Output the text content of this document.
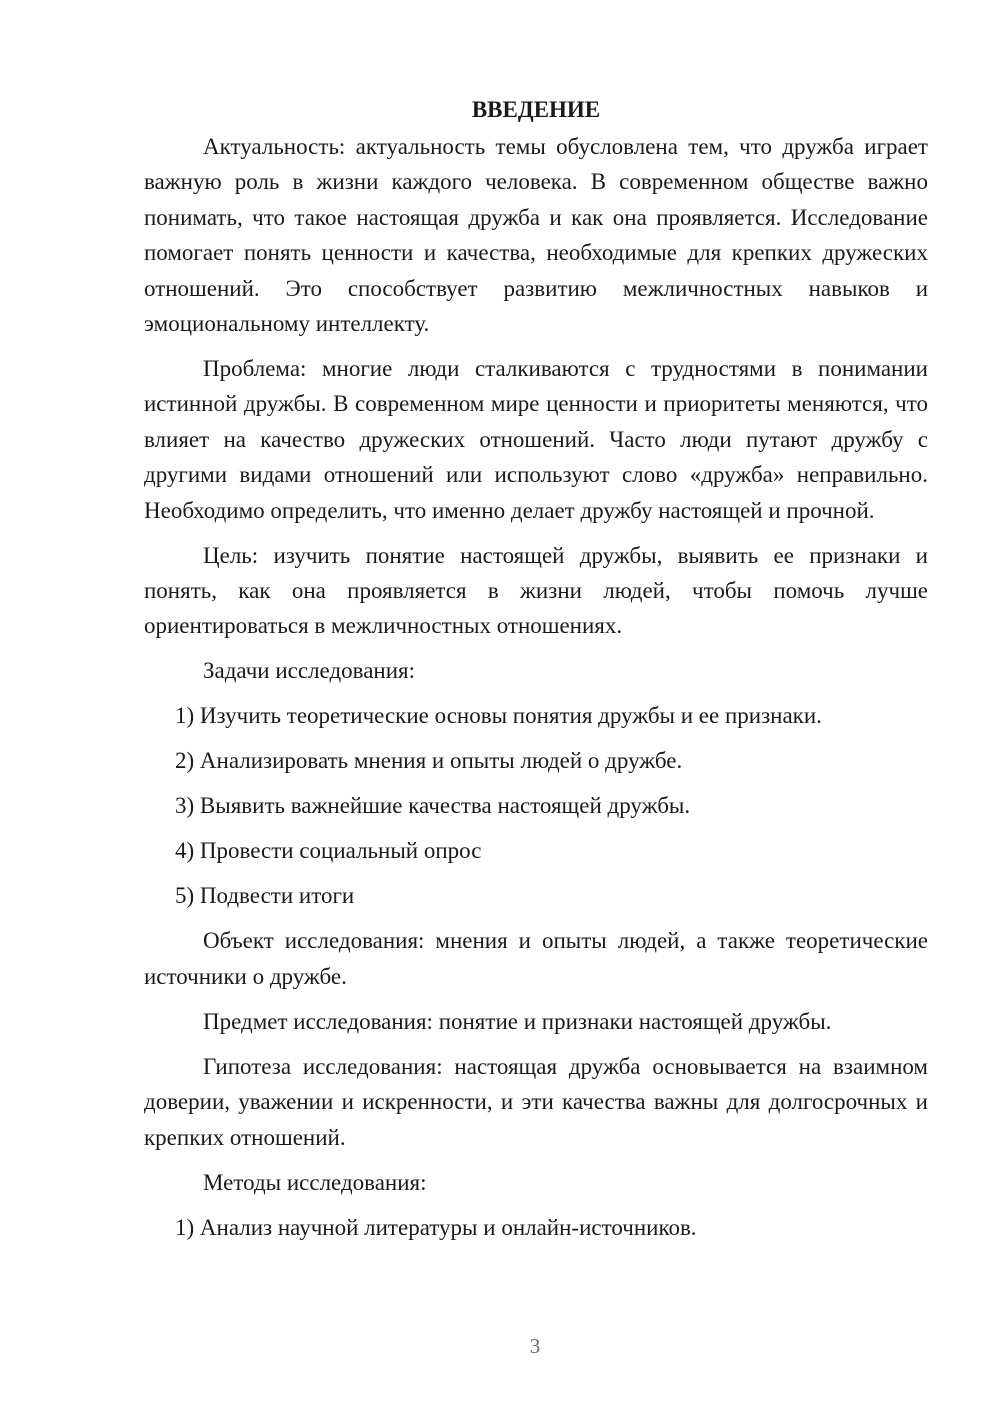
ВВЕДЕНИЕ

Актуальность: актуальность темы обусловлена тем, что дружба играет важную роль в жизни каждого человека. В современном обществе важно понимать, что такое настоящая дружба и как она проявляется. Исследование помогает понять ценности и качества, необходимые для крепких дружеских отношений. Это способствует развитию межличностных навыков и эмоциональному интеллекту.

Проблема: многие люди сталкиваются с трудностями в понимании истинной дружбы. В современном мире ценности и приоритеты меняются, что влияет на качество дружеских отношений. Часто люди путают дружбу с другими видами отношений или используют слово «дружба» неправильно. Необходимо определить, что именно делает дружбу настоящей и прочной.

Цель: изучить понятие настоящей дружбы, выявить ее признаки и понять, как она проявляется в жизни людей, чтобы помочь лучше ориентироваться в межличностных отношениях.

Задачи исследования:

1) Изучить теоретические основы понятия дружбы и ее признаки.

2) Анализировать мнения и опыты людей о дружбе.

3) Выявить важнейшие качества настоящей дружбы.

4) Провести социальный опрос

5) Подвести итоги

Объект исследования: мнения и опыты людей, а также теоретические источники о дружбе.

Предмет исследования: понятие и признаки настоящей дружбы.

Гипотеза исследования: настоящая дружба основывается на взаимном доверии, уважении и искренности, и эти качества важны для долгосрочных и крепких отношений.

Методы исследования:

1) Анализ научной литературы и онлайн-источников.

3
